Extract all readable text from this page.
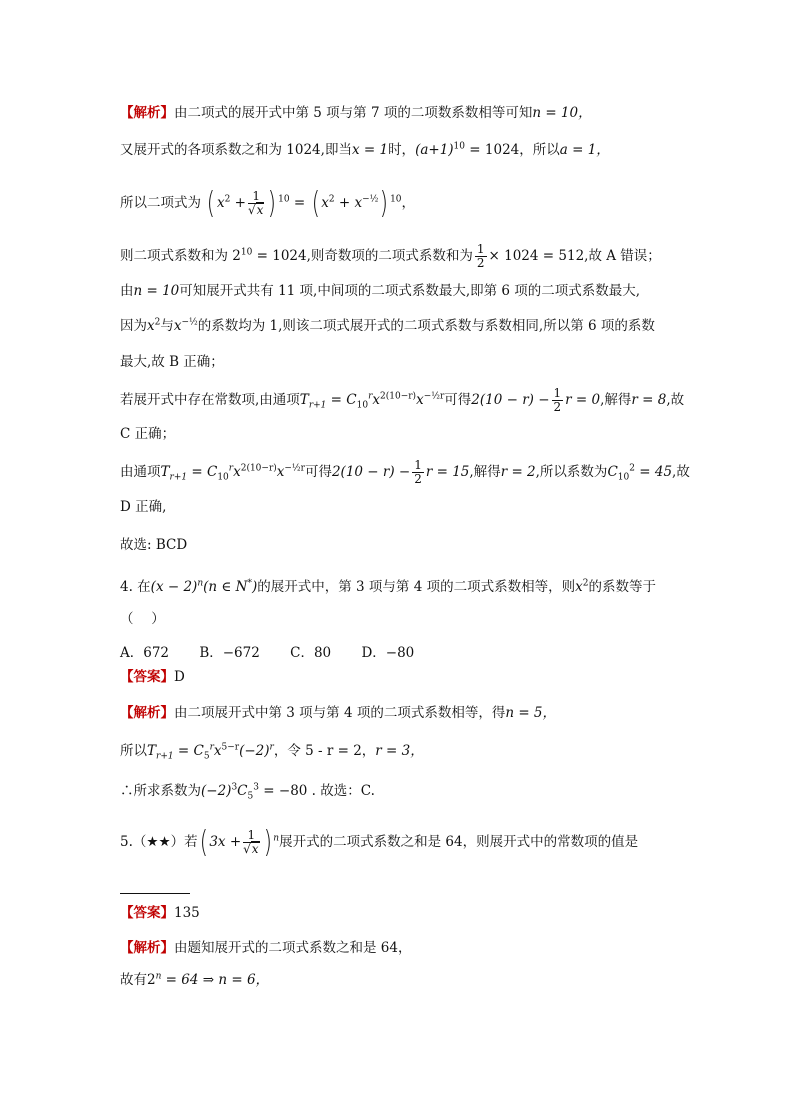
【解析】由二项式的展开式中第 5 项与第 7 项的二项数系数相等可知n = 10，
又展开式的各项系数之和为 1024,即当x = 1时，$(a+1)^{10} = 1024$，所以a = 1，
所以二项式为 ( $x^2 + \frac{1}{√x}$ ) $^{10}$ = ( $x^2 + x^{-\frac{1}{2}}$) $^{10}$，
则二项式系数和为 $2^{10} = 1024$,则奇数项的二项式系数和为 $\frac{1}{2} \times 1024 = 512$,故 A 错误；
由n = 10可知展开式共有 11 项,中间项的二项式系数最大,即第 6 项的二项式系数最大,
因为$x^2$与$x^{-\frac{1}{2}}$的系数均为 1,则该二项式展开式的二项式系数与系数相同,所以第 6 项的系数
最大,故 B 正确；
若展开式中存在常数项,由通项$T_{r+1} = C_{10}^rx^{2(10-r)}x^{-\frac{1}{2}r}$可得$2(10 - r) - \frac{1}{2}$ r = 0,解得r = 8,故
C 正确；
由通项$T_{r+1} = C_{10}^rx^{2(10-r)}x^{-\frac{1}{2}r}$可得$2(10 - r) - \frac{1}{2}$ r = 15,解得r = 2,所以系数为$C_{10}^2 = 45$,故
D 正确,
故选: BCD
4. 在$(x - 2)^n(n$ ∈ N*)的展开式中，第 3 项与第 4 项的二项式系数相等，则$x^2$的系数等于
（　 ）
A．672 B．−672 C．80 D．−80
【答案】D
【解析】由二项展开式中第 3 项与第 4 项的二项式系数相等，得n = 5，
所以$T_{r+1} = C_5^rx^{5-r}(-2)^r$，令 5 - r = 2，r = 3，
∴所求系数为$(-2)^3C_5^3 = -80$ . 故选：C.
5.（★★）若( $3x + \frac{1}{√x}$ ) $^n$展开式的二项式系数之和是 64，则展开式中的常数项的值是
【答案】135
【解析】由题知展开式的二项式系数之和是 64，
故有$2^n = 64$ ⇒ n = 6，
